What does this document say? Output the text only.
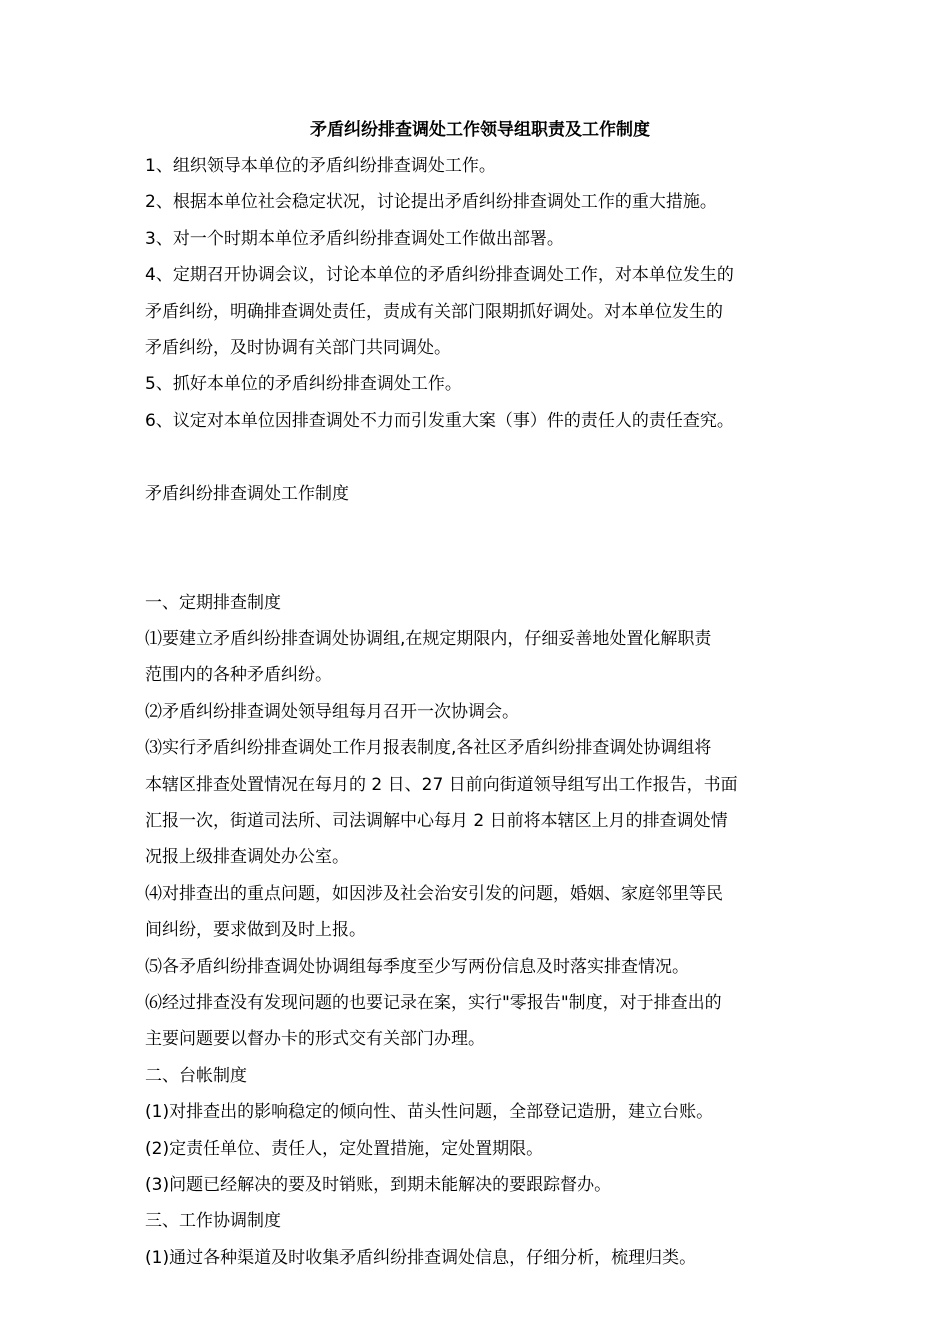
矛盾纠纷排查调处工作领导组职责及工作制度
1、组织领导本单位的矛盾纠纷排查调处工作。
2、根据本单位社会稳定状况，讨论提出矛盾纠纷排查调处工作的重大措施。
3、对一个时期本单位矛盾纠纷排查调处工作做出部署。
4、定期召开协调会议，讨论本单位的矛盾纠纷排查调处工作，对本单位发生的
矛盾纠纷，明确排查调处责任，责成有关部门限期抓好调处。对本单位发生的
矛盾纠纷，及时协调有关部门共同调处。
5、抓好本单位的矛盾纠纷排查调处工作。
6、议定对本单位因排查调处不力而引发重大案（事）件的责任人的责任查究。
矛盾纠纷排查调处工作制度
一、定期排查制度
⑴要建立矛盾纠纷排查调处协调组,在规定期限内，仔细妥善地处置化解职责
范围内的各种矛盾纠纷。
⑵矛盾纠纷排查调处领导组每月召开一次协调会。
⑶实行矛盾纠纷排查调处工作月报表制度,各社区矛盾纠纷排查调处协调组将
本辖区排查处置情况在每月的 2 日、27 日前向街道领导组写出工作报告，书面
汇报一次，街道司法所、司法调解中心每月 2 日前将本辖区上月的排查调处情
况报上级排查调处办公室。
⑷对排查出的重点问题，如因涉及社会治安引发的问题，婚姻、家庭邻里等民
间纠纷，要求做到及时上报。
⑸各矛盾纠纷排查调处协调组每季度至少写两份信息及时落实排查情况。
⑹经过排查没有发现问题的也要记录在案，实行"零报告"制度，对于排查出的
主要问题要以督办卡的形式交有关部门办理。
二、台帐制度
(1)对排查出的影响稳定的倾向性、苗头性问题，全部登记造册，建立台账。
(2)定责任单位、责任人，定处置措施，定处置期限。
(3)问题已经解决的要及时销账，到期未能解决的要跟踪督办。
三、工作协调制度
(1)通过各种渠道及时收集矛盾纠纷排查调处信息，仔细分析，梳理归类。
